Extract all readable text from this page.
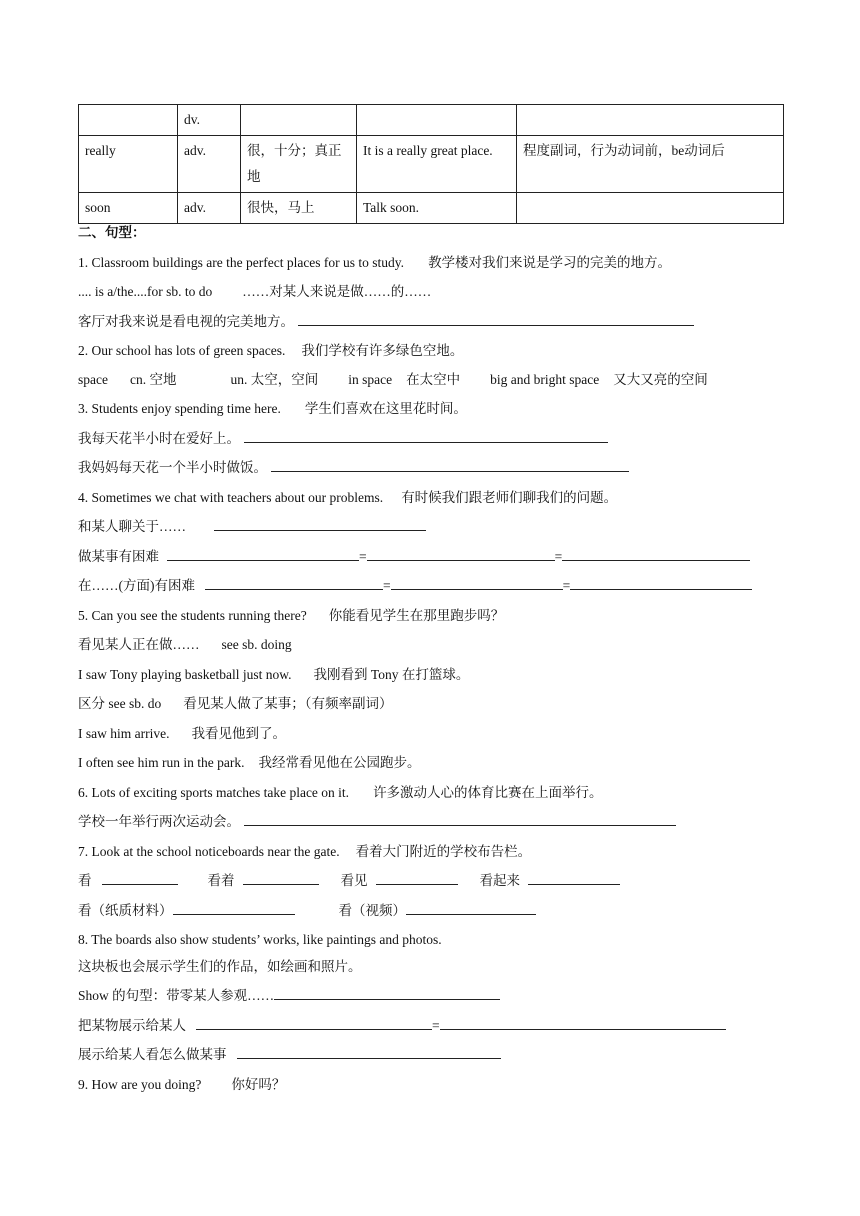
	dv.			
really	adv.	很，十分；真正地	It is a really great place.	程度副词，行为动词前，be动词后
soon	adv.	很快，马上	Talk soon.	
二、句型：
1. Classroom buildings are the perfect places for us to study. 教学楼对我们来说是学习的完美的地方。
.... is a/the....for sb. to do ……对某人来说是做……的……
客厅对我来说是看电视的完美地方。
2. Our school has lots of green spaces. 我们学校有许多绿色空地。
space cn. 空地	un. 太空，空间 in space 在太空中 big and bright space 又大又亮的空间
3. Students enjoy spending time here. 学生们喜欢在这里花时间。
我每天花半小时在爱好上。
我妈妈每天花一个半小时做饭。
4. Sometimes we chat with teachers about our problems. 有时候我们跟老师们聊我们的问题。
和某人聊关于……
做某事有困难	=	=
在……(方面)有困难	=	=
5. Can you see the students running there? 你能看见学生在那里跑步吗？
看见某人正在做…… see sb. doing
I saw Tony playing basketball just now. 我刚看到 Tony 在打篮球。
区分 see sb. do 看见某人做了某事；（有频率副词）
I saw him arrive. 我看见他到了。
I often see him run in the park. 我经常看见他在公园跑步。
6. Lots of exciting sports matches take place on it. 许多激动人心的体育比赛在上面举行。
学校一年举行两次运动会。
7. Look at the school noticeboards near the gate. 看着大门附近的学校布告栏。
看	看着	看见	看起来
看（纸质材料）	看（视频）
8. The boards also show students’ works, like paintings and photos.
这块板也会展示学生们的作品，如绘画和照片。
Show 的句型：带零某人参观……
把某物展示给某人	=
展示给某人看怎么做某事
9. How are you doing? 你好吗？
